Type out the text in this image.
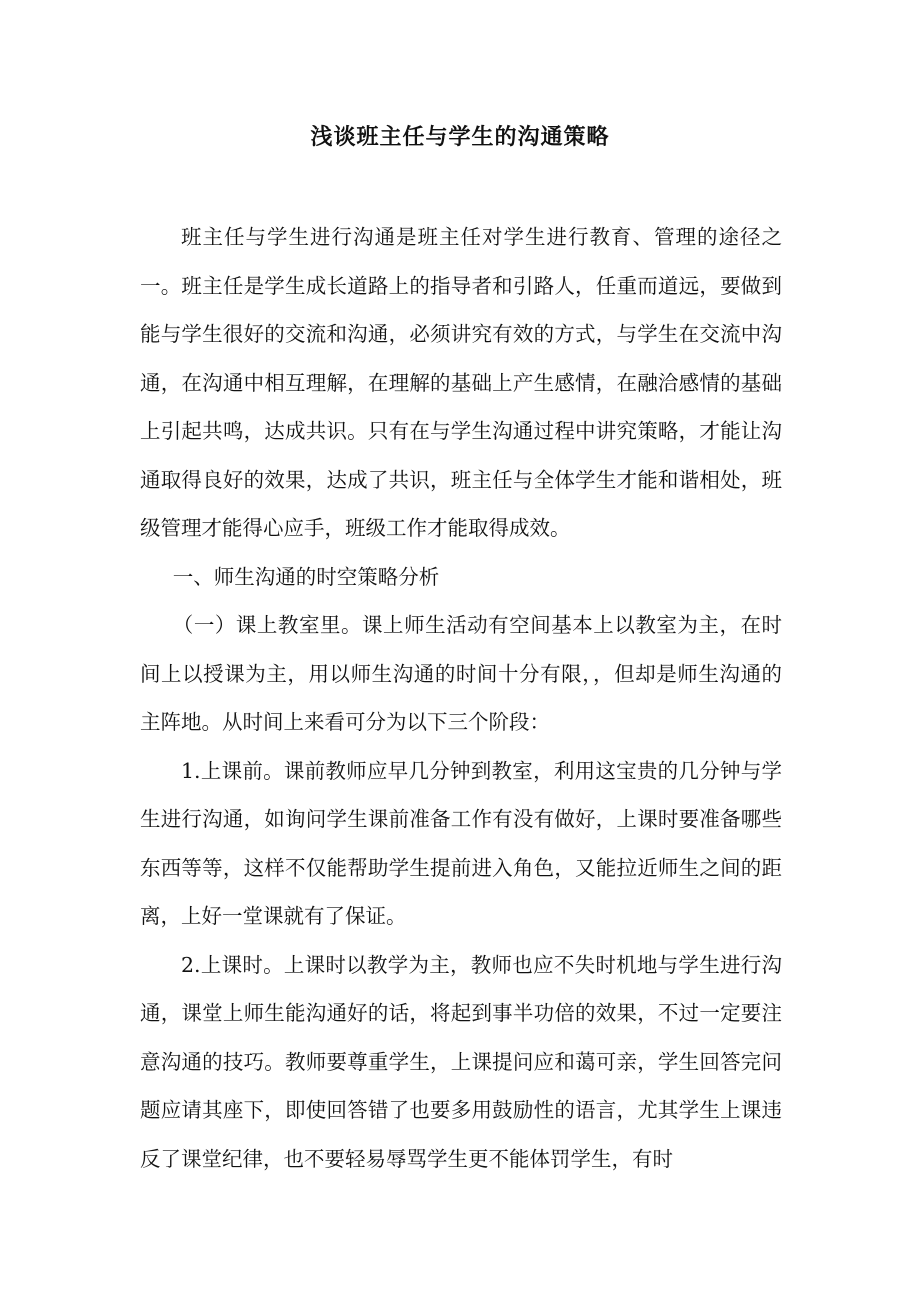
浅谈班主任与学生的沟通策略

班主任与学生进行沟通是班主任对学生进行教育、管理的途径之一。班主任是学生成长道路上的指导者和引路人，任重而道远，要做到能与学生很好的交流和沟通，必须讲究有效的方式，与学生在交流中沟通，在沟通中相互理解，在理解的基础上产生感情，在融洽感情的基础上引起共鸣，达成共识。只有在与学生沟通过程中讲究策略，才能让沟通取得良好的效果，达成了共识，班主任与全体学生才能和谐相处，班级管理才能得心应手，班级工作才能取得成效。

一、师生沟通的时空策略分析

（一）课上教室里。课上师生活动有空间基本上以教室为主，在时间上以授课为主，用以师生沟通的时间十分有限，，但却是师生沟通的主阵地。从时间上来看可分为以下三个阶段：

1.上课前。课前教师应早几分钟到教室，利用这宝贵的几分钟与学生进行沟通，如询问学生课前准备工作有没有做好，上课时要准备哪些东西等等，这样不仅能帮助学生提前进入角色，又能拉近师生之间的距离，上好一堂课就有了保证。

2.上课时。上课时以教学为主，教师也应不失时机地与学生进行沟通，课堂上师生能沟通好的话，将起到事半功倍的效果，不过一定要注意沟通的技巧。教师要尊重学生，上课提问应和蔼可亲，学生回答完问题应请其座下，即使回答错了也要多用鼓励性的语言，尤其学生上课违反了课堂纪律，也不要轻易辱骂学生更不能体罚学生，有时
